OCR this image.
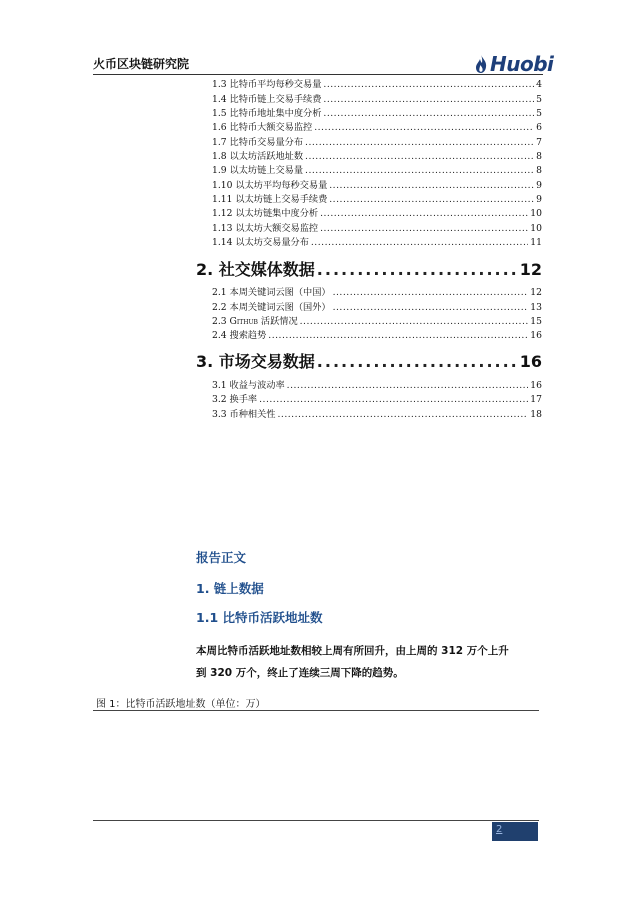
火币区块链研究院	Huobi
1.3 比特币平均每秒交易量 .....	4
1.4 比特币链上交易手续费 .....	5
1.5 比特币地址集中度分析 .....	5
1.6 比特币大额交易监控 .....	6
1.7 比特币交易量分布 .....	7
1.8 以太坊活跃地址数 .....	8
1.9 以太坊链上交易量 .....	8
1.10 以太坊平均每秒交易量 .....	9
1.11 以太坊链上交易手续费 .....	9
1.12 以太坊链集中度分析 .....	10
1.13 以太坊大额交易监控 .....	10
1.14 以太坊交易量分布 .....	11
2. 社交媒体数据 .....	12
2.1 本周关键词云图（中国） .....	12
2.2 本周关键词云图（国外） .....	13
2.3 Github 活跃情况 .....	15
2.4 搜索趋势 .....	16
3. 市场交易数据 .....	16
3.1 收益与波动率 .....	16
3.2 换手率 .....	17
3.3 币种相关性 .....	18
报告正文
1. 链上数据
1.1 比特币活跃地址数
本周比特币活跃地址数相较上周有所回升，由上周的 312 万个上升
到 320 万个，终止了连续三周下降的趋势。
图 1：比特币活跃地址数（单位：万）
2
